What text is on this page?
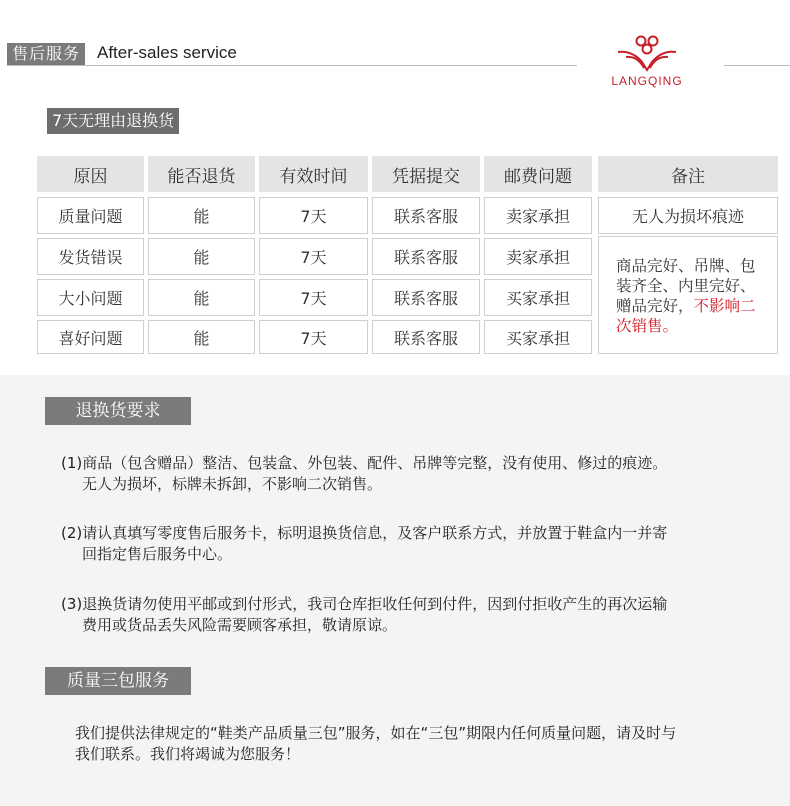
售后服务 After-sales service
LANGQING
7天无理由退换货
原因	能否退货	有效时间	凭据提交	邮费问题	备注
质量问题	能	7天	联系客服	卖家承担	无人为损坏痕迹
发货错误	能	7天	联系客服	卖家承担
大小问题	能	7天	联系客服	买家承担
喜好问题	能	7天	联系客服	买家承担
商品完好、吊牌、包装齐全、内里完好、赠品完好，不影响二次销售。
退换货要求
(1)商品（包含赠品）整洁、包装盒、外包装、配件、吊牌等完整，没有使用、修过的痕迹。
无人为损坏，标牌未拆卸，不影响二次销售。
(2)请认真填写零度售后服务卡，标明退换货信息，及客户联系方式，并放置于鞋盒内一并寄
回指定售后服务中心。
(3)退换货请勿使用平邮或到付形式，我司仓库拒收任何到付件，因到付拒收产生的再次运输
费用或货品丢失风险需要顾客承担，敬请原谅。
质量三包服务
我们提供法律规定的“鞋类产品质量三包”服务，如在“三包”期限内任何质量问题，请及时与
我们联系。我们将竭诚为您服务！
